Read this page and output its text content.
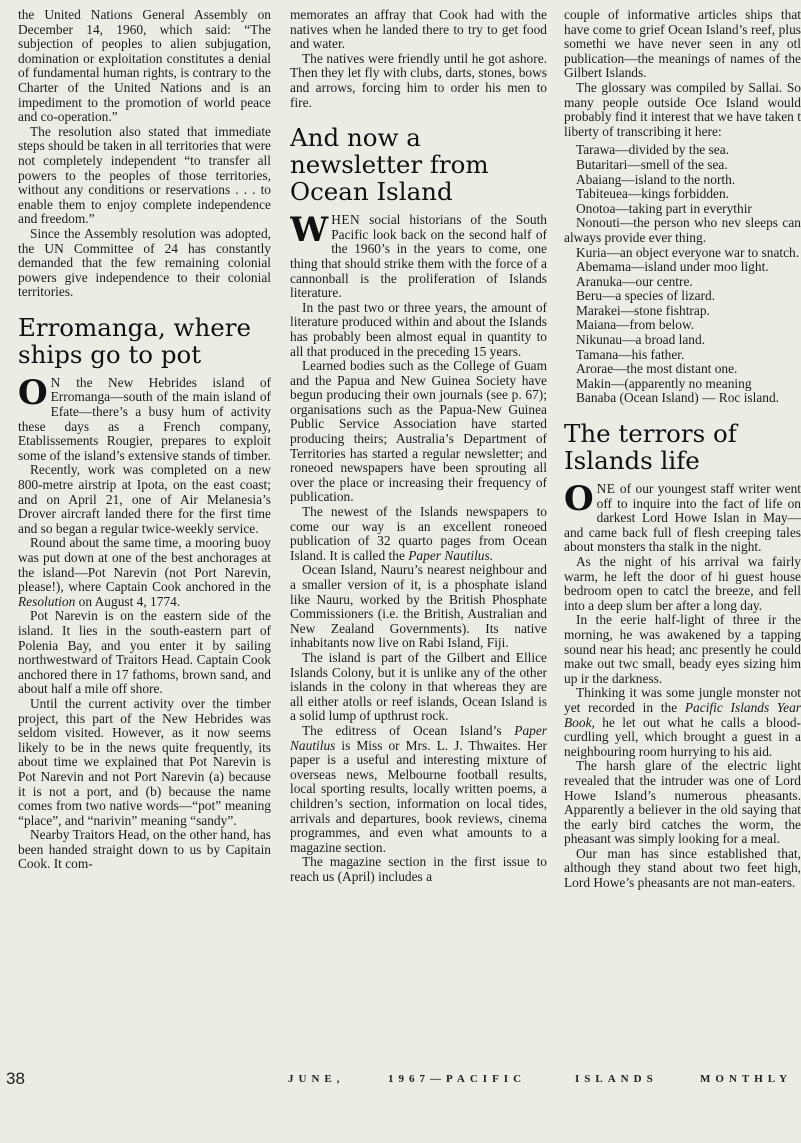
the United Nations General Assembly on December 14, 1960, which said: “The subjection of peoples to alien subjugation, domination or exploitation constitutes a denial of fundamental human rights, is contrary to the Charter of the United Nations and is an impediment to the promotion of world peace and co-operation.”

The resolution also stated that immediate steps should be taken in all territories that were not completely independent “to transfer all powers to the peoples of those territories, without any conditions or reservations . . . to enable them to enjoy complete independence and freedom.”

Since the Assembly resolution was adopted, the UN Committee of 24 has constantly demanded that the few remaining colonial powers give independence to their colonial territories.

Erromanga, where ships go to pot

O N the New Hebrides island of Erromanga—south of the main island of Efate—there’s a busy hum of activity these days as a French company, Etablissements Rougier, prepares to exploit some of the island’s extensive stands of timber.

Recently, work was completed on a new 800-metre airstrip at Ipota, on the east coast; and on April 21, one of Air Melanesia’s Drover aircraft landed there for the first time and so began a regular twice-weekly service.

Round about the same time, a mooring buoy was put down at one of the best anchorages at the island—Pot Narevin (not Port Narevin, please!), where Captain Cook anchored in the Resolution on August 4, 1774.

Pot Narevin is on the eastern side of the island. It lies in the south-eastern part of Polenia Bay, and you enter it by sailing northwestward of Traitors Head. Captain Cook anchored there in 17 fathoms, brown sand, and about half a mile off shore.

Until the current activity over the timber project, this part of the New Hebrides was seldom visited. However, as it now seems likely to be in the news quite frequently, its about time we explained that Pot Narevin is Pot Narevin and not Port Narevin (a) because it is not a port, and (b) because the name comes from two native words—“pot” meaning “place”, and “narivin” meaning “sandy”.

Nearby Traitors Head, on the other hand, has been handed straight down to us by Capitain Cook. It com-

memorates an affray that Cook had with the natives when he landed there to try to get food and water.

The natives were friendly until he got ashore. Then they let fly with clubs, darts, stones, bows and arrows, forcing him to order his men to fire.

And now a newsletter from Ocean Island

WHEN social historians of the South Pacific look back on the second half of the 1960’s in the years to come, one thing that should strike them with the force of a cannonball is the proliferation of Islands literature.

In the past two or three years, the amount of literature produced within and about the Islands has probably been almost equal in quantity to all that produced in the preceding 15 years.

Learned bodies such as the College of Guam and the Papua and New Guinea Society have begun producing their own journals (see p. 67); organisations such as the Papua-New Guinea Public Service Association have started producing theirs; Australia’s Department of Territories has started a regular newsletter; and roneoed newspapers have been sprouting all over the place or increasing their frequency of publication.

The newest of the Islands newspapers to come our way is an excellent roneoed publication of 32 quarto pages from Ocean Island. It is called the Paper Nautilus.

Ocean Island, Nauru’s nearest neighbour and a smaller version of it, is a phosphate island like Nauru, worked by the British Phosphate Commissioners (i.e. the British, Australian and New Zealand Governments). Its native inhabitants now live on Rabi Island, Fiji.

The island is part of the Gilbert and Ellice Islands Colony, but it is unlike any of the other islands in the colony in that whereas they are all either atolls or reef islands, Ocean Island is a solid lump of upthrust rock.

The editress of Ocean Island’s Paper Nautilus is Miss or Mrs. L. J. Thwaites. Her paper is a useful and interesting mixture of overseas news, Melbourne football results, local sporting results, locally written poems, a children’s section, information on local tides, arrivals and departures, book reviews, cinema programmes, and even what amounts to a magazine section.

The magazine section in the first issue to reach us (April) includes a

couple of informative articles ships that have come to grief Ocean Island’s reef, plus somethi we have never seen in any otl publication—the meanings of names of the Gilbert Islands.

The glossary was compiled by Sallai. So many people outside Oce Island would probably find it interest that we have taken t liberty of transcribing it here:

Tarawa—divided by the sea.

Butaritari—smell of the sea.

Abaiang—island to the north.

Tabiteuea—kings forbidden.

Onotoa—taking part in everythir

Nonouti—the person who nev sleeps can always provide ever thing.

Kuria—an object everyone war to snatch.

Abemama—island under moo light.

Aranuka—our centre.

Beru—a species of lizard.

Marakei—stone fishtrap.

Maiana—from below.

Nikunau—a broad land.

Tamana—his father.

Arorae—the most distant one.

Makin—(apparently no meaning

Banaba (Ocean Island) — Roc island.

The terrors of Islands life

ONE of our youngest staff writer went off to inquire into the fact of life on darkest Lord Howe Islan in May—and came back full of flesh creeping tales about monsters tha stalk in the night.

As the night of his arrival wa fairly warm, he left the door of hi guest house bedroom open to catcl the breeze, and fell into a deep slum ber after a long day.

In the eerie half-light of three ir the morning, he was awakened by a tapping sound near his head; anc presently he could make out twc small, beady eyes sizing him up ir the darkness.

Thinking it was some jungle monster not yet recorded in the Pacific Islands Year Book, he let out what he calls a blood-curdling yell, which brought a guest in a neighbouring room hurrying to his aid.

The harsh glare of the electric light revealed that the intruder was one of Lord Howe Island’s numerous pheasants. Apparently a believer in the old saying that the early bird catches the worm, the pheasant was simply looking for a meal.

Our man has since established that, although they stand about two feet high, Lord Howe’s pheasants are not man-eaters.

38	JUNE,	1967—PACIFIC	ISLANDS	MONTHLY
